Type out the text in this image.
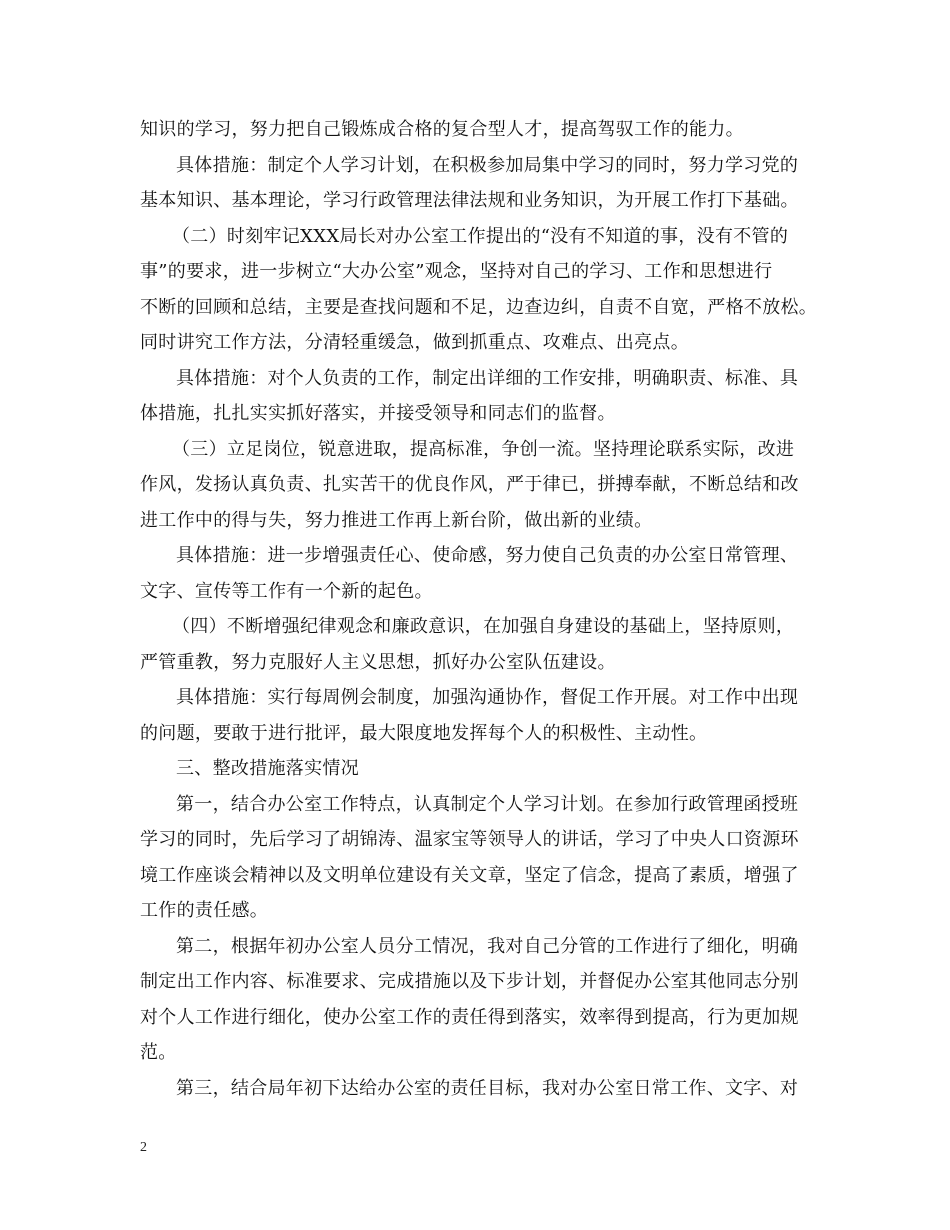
知识的学习，努力把自己锻炼成合格的复合型人才，提高驾驭工作的能力。
具体措施：制定个人学习计划，在积极参加局集中学习的同时，努力学习党的
基本知识、基本理论，学习行政管理法律法规和业务知识，为开展工作打下基础。
（二）时刻牢记XXX局长对办公室工作提出的“没有不知道的事，没有不管的
事”的要求，进一步树立“大办公室”观念，坚持对自己的学习、工作和思想进行
不断的回顾和总结，主要是查找问题和不足，边查边纠，自责不自宽，严格不放松。
同时讲究工作方法，分清轻重缓急，做到抓重点、攻难点、出亮点。
具体措施：对个人负责的工作，制定出详细的工作安排，明确职责、标准、具
体措施，扎扎实实抓好落实，并接受领导和同志们的监督。
（三）立足岗位，锐意进取，提高标准，争创一流。坚持理论联系实际，改进
作风，发扬认真负责、扎实苦干的优良作风，严于律已，拼搏奉献，不断总结和改
进工作中的得与失，努力推进工作再上新台阶，做出新的业绩。
具体措施：进一步增强责任心、使命感，努力使自己负责的办公室日常管理、
文字、宣传等工作有一个新的起色。
（四）不断增强纪律观念和廉政意识，在加强自身建设的基础上，坚持原则，
严管重教，努力克服好人主义思想，抓好办公室队伍建设。
具体措施：实行每周例会制度，加强沟通协作，督促工作开展。对工作中出现
的问题，要敢于进行批评，最大限度地发挥每个人的积极性、主动性。
三、整改措施落实情况
第一，结合办公室工作特点，认真制定个人学习计划。在参加行政管理函授班
学习的同时，先后学习了胡锦涛、温家宝等领导人的讲话，学习了中央人口资源环
境工作座谈会精神以及文明单位建设有关文章，坚定了信念，提高了素质，增强了
工作的责任感。
第二，根据年初办公室人员分工情况，我对自己分管的工作进行了细化，明确
制定出工作内容、标准要求、完成措施以及下步计划，并督促办公室其他同志分别
对个人工作进行细化，使办公室工作的责任得到落实，效率得到提高，行为更加规
范。
第三，结合局年初下达给办公室的责任目标，我对办公室日常工作、文字、对
2
